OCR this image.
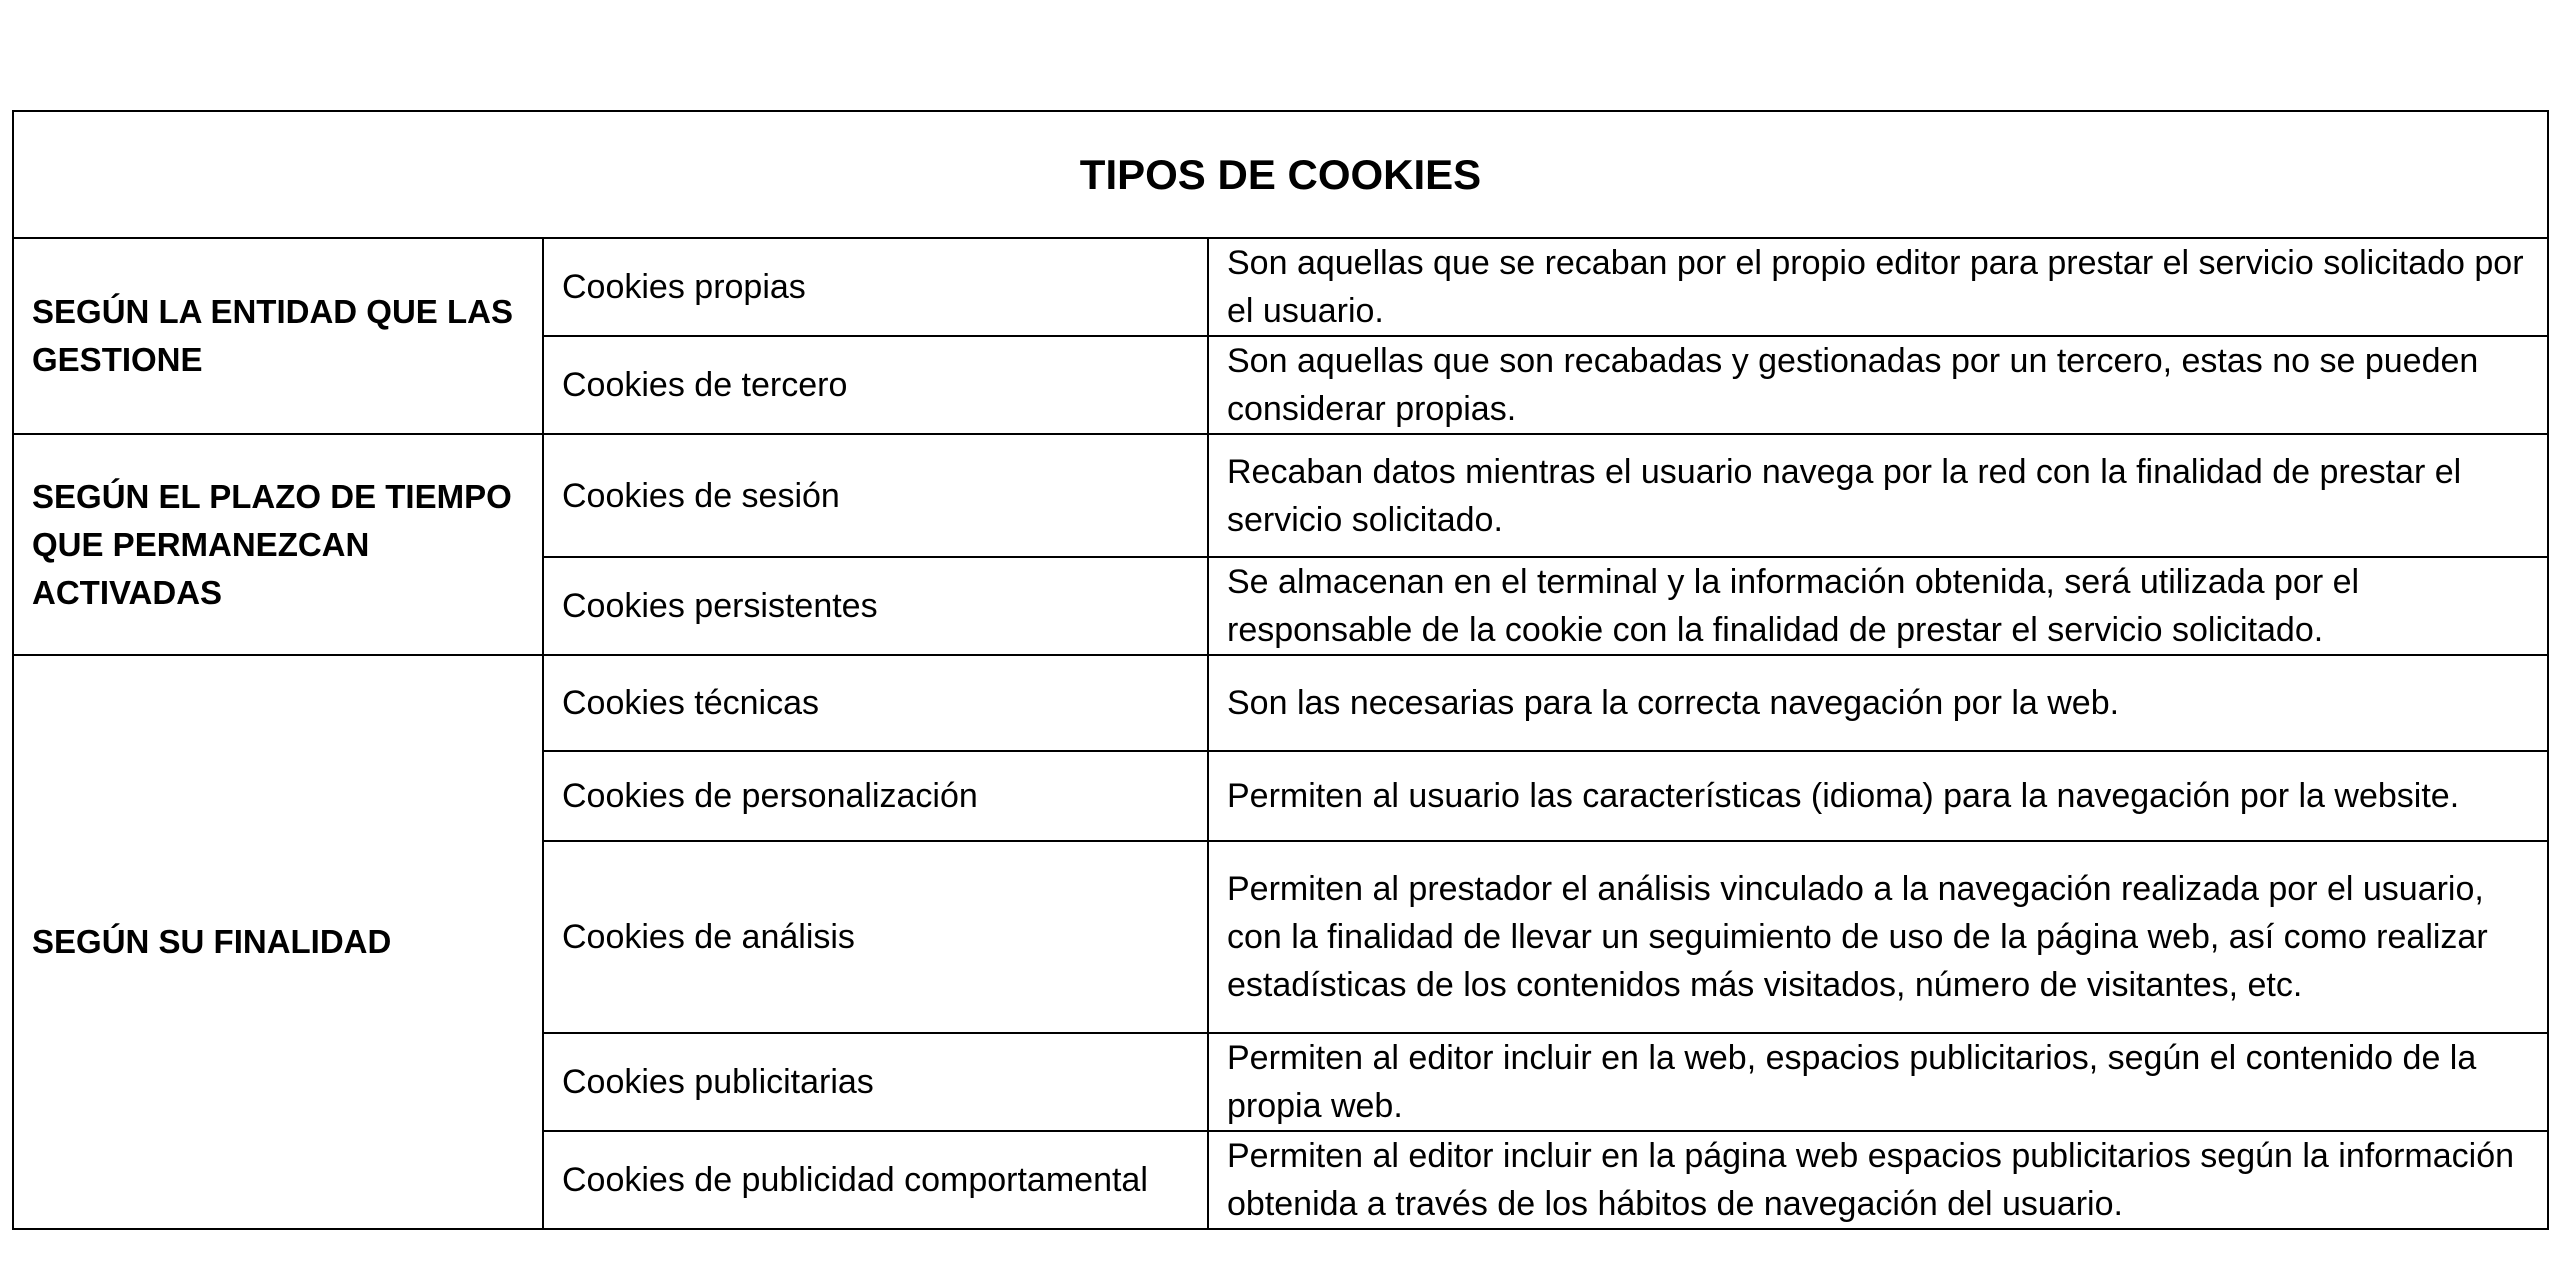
TIPOS DE COOKIES		
SEGÚN LA ENTIDAD QUE LAS GESTIONE	Cookies propias	Son aquellas que se recaban por el propio editor para prestar el servicio solicitado por el usuario.
	Cookies de tercero	Son aquellas que son recabadas y gestionadas por un tercero, estas no se pueden considerar propias.
SEGÚN EL PLAZO DE TIEMPO QUE PERMANEZCAN ACTIVADAS	Cookies de sesión	Recaban datos mientras el usuario navega por la red con la finalidad de prestar el servicio solicitado.
	Cookies persistentes	Se almacenan en el terminal y la información obtenida, será utilizada por el responsable de la cookie con la finalidad de prestar el servicio solicitado.
SEGÚN SU FINALIDAD	Cookies técnicas	Son las necesarias para la correcta navegación por la web.
	Cookies de personalización	Permiten al usuario las características (idioma) para la navegación por la website.
	Cookies de análisis	Permiten al prestador el análisis vinculado a la navegación realizada por el usuario, con la finalidad de llevar un seguimiento de uso de la página web, así como realizar estadísticas de los contenidos más visitados, número de visitantes, etc.
	Cookies publicitarias	Permiten al editor incluir en la web, espacios publicitarios, según el contenido de la propia web.
	Cookies de publicidad comportamental	Permiten al editor incluir en la página web espacios publicitarios según la información obtenida a través de los hábitos de navegación del usuario.
